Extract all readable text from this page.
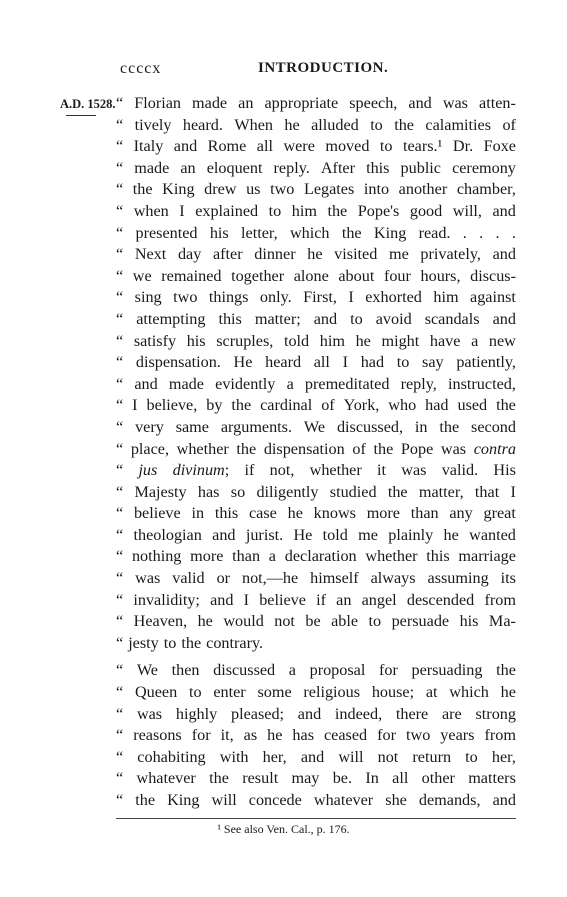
ccccx	INTRODUCTION.
A.D. 1528. “ Florian made an appropriate speech, and was atten-
“ tively heard. When he alluded to the calamities of
“ Italy and Rome all were moved to tears.¹ Dr. Foxe
“ made an eloquent reply. After this public ceremony
“ the King drew us two Legates into another chamber,
“ when I explained to him the Pope's good will, and
“ presented his letter, which the King read. . . . .
“ Next day after dinner he visited me privately, and
“ we remained together alone about four hours, discus-
“ sing two things only. First, I exhorted him against
“ attempting this matter; and to avoid scandals and
“ satisfy his scruples, told him he might have a new
“ dispensation. He heard all I had to say patiently,
“ and made evidently a premeditated reply, instructed,
“ I believe, by the cardinal of York, who had used the
“ very same arguments. We discussed, in the second
“ place, whether the dispensation of the Pope was contra
“ jus divinum; if not, whether it was valid. His
“ Majesty has so diligently studied the matter, that I
“ believe in this case he knows more than any great
“ theologian and jurist. He told me plainly he wanted
“ nothing more than a declaration whether this marriage
“ was valid or not,—he himself always assuming its
“ invalidity; and I believe if an angel descended from
“ Heaven, he would not be able to persuade his Ma-
“ jesty to the contrary.
“ We then discussed a proposal for persuading the
“ Queen to enter some religious house; at which he
“ was highly pleased; and indeed, there are strong
“ reasons for it, as he has ceased for two years from
“ cohabiting with her, and will not return to her,
“ whatever the result may be. In all other matters
“ the King will concede whatever she demands, and
¹ See also Ven. Cal., p. 176.
